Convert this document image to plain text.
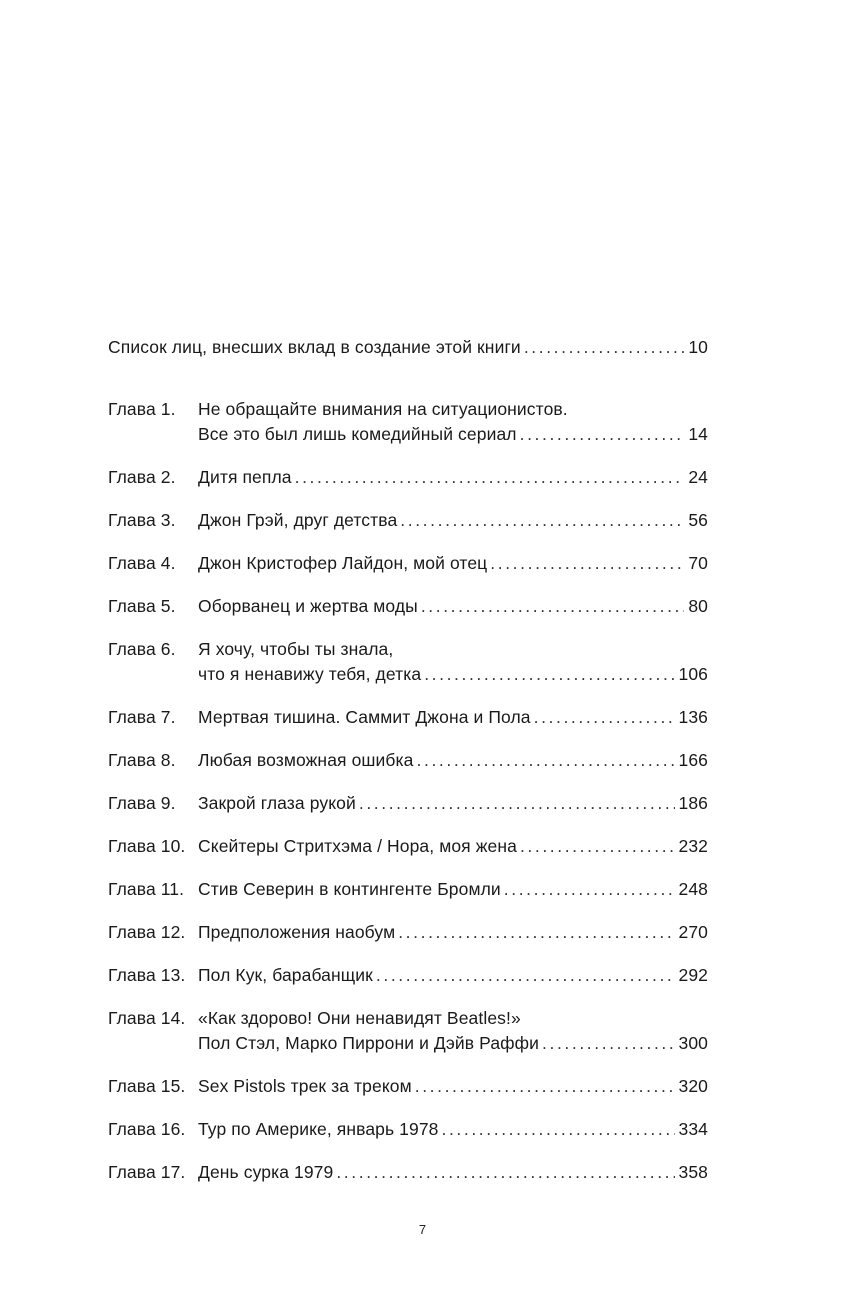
Список лиц, внесших вклад в создание этой книги .....	10
Глава 1.	Не обращайте внимания на ситуационистов.
Все это был лишь комедийный сериал .....	14
Глава 2.	Дитя пепла .....	24
Глава 3.	Джон Грэй, друг детства .....	56
Глава 4.	Джон Кристофер Лайдон, мой отец .....	70
Глава 5.	Оборванец и жертва моды .....	80
Глава 6.	Я хочу, чтобы ты знала,
что я ненавижу тебя, детка .....	106
Глава 7.	Мертвая тишина. Саммит Джона и Пола .....	136
Глава 8.	Любая возможная ошибка .....	166
Глава 9.	Закрой глаза рукой .....	186
Глава 10. Скейтеры Стритхэма / Нора, моя жена .....	232
Глава 11. Стив Северин в контингенте Бромли .....	248
Глава 12. Предположения наобум .....	270
Глава 13. Пол Кук, барабанщик .....	292
Глава 14. «Как здорово! Они ненавидят Beatles!»
Пол Стэл, Марко Пиррони и Дэйв Раффи .....	300
Глава 15. Sex Pistols трек за треком .....	320
Глава 16. Тур по Америке, январь 1978 .....	334
Глава 17. День сурка 1979 .....	358
7
